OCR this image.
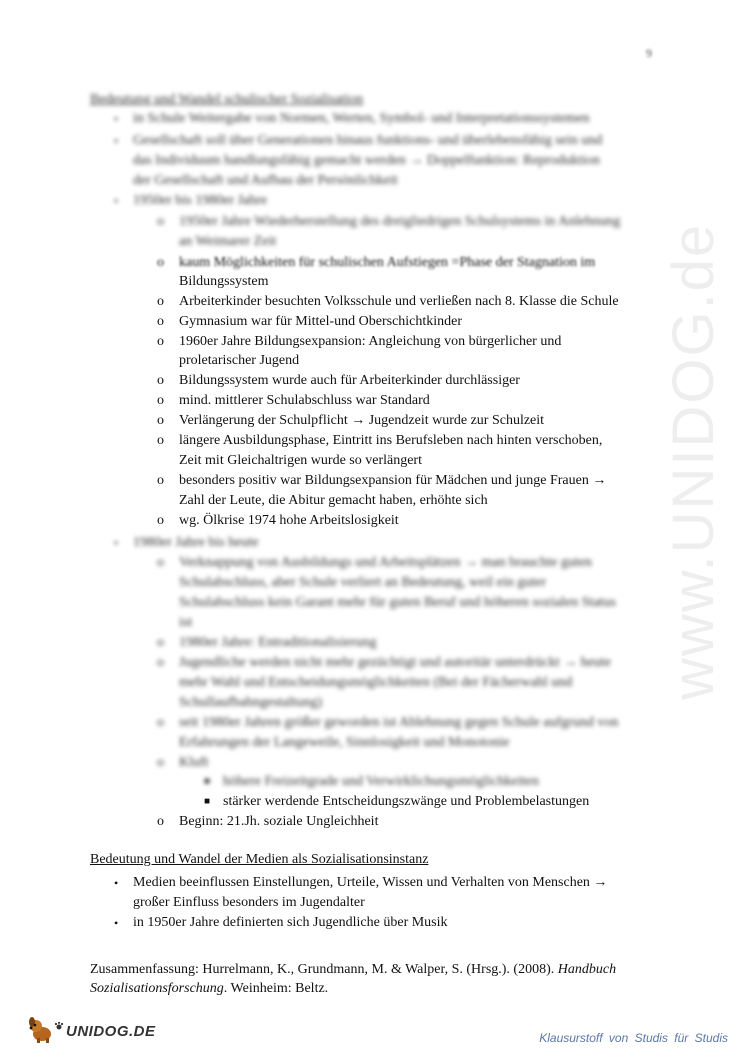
www.UNIDOG.de
9
Bedeutung und Wandel schulischer Sozialisation
• in Schule Weitergabe von Normen, Werten, Symbol- und Interpretationssystemen
• Gesellschaft soll über Generationen hinaus funktions- und überlebensfähig sein und
das Individuum handlungsfähig gemacht werden → Doppelfunktion: Reproduktion
der Gesellschaft und Aufbau der Persönlichkeit
• 1950er bis 1980er Jahre
o 1950er Jahre Wiederherstellung des dreigliedrigen Schulsystems in Anlehnung
an Weimarer Zeit
o kaum Möglichkeiten für schulischen Aufstiegen =Phase der Stagnation im
Bildungssystem
o Arbeiterkinder besuchten Volksschule und verließen nach 8. Klasse die Schule
o Gymnasium war für Mittel-und Oberschichtkinder
o 1960er Jahre Bildungsexpansion: Angleichung von bürgerlicher und
proletarischer Jugend
o Bildungssystem wurde auch für Arbeiterkinder durchlässiger
o mind. mittlerer Schulabschluss war Standard
o Verlängerung der Schulpflicht → Jugendzeit wurde zur Schulzeit
o längere Ausbildungsphase, Eintritt ins Berufsleben nach hinten verschoben,
Zeit mit Gleichaltrigen wurde so verlängert
o besonders positiv war Bildungsexpansion für Mädchen und junge Frauen →
Zahl der Leute, die Abitur gemacht haben, erhöhte sich
o wg. Ölkrise 1974 hohe Arbeitslosigkeit
• 1980er Jahre bis heute
o Verknappung von Ausbildungs und Arbeitsplätzen → man brauchte guten
Schulabschluss, aber Schule verliert an Bedeutung, weil ein guter
Schulabschluss kein Garant mehr für guten Beruf und höheren sozialen Status
ist
o 1980er Jahre: Entraditionalisierung
o Jugendliche werden nicht mehr gezüchtigt und autoritär unterdrückt → heute
mehr Wahl und Entscheidungsmöglichkeiten (Bei der Fächerwahl und
Schullaufbahngestaltung)
o seit 1980er Jahren größer geworden ist Ablehnung gegen Schule aufgrund von
Erfahrungen der Langeweile, Sinnlosigkeit und Monotonie
o Kluft
■ höhere Freizeitgrade und Verwirklichungsmöglichkeiten
■ stärker werdende Entscheidungszwänge und Problembelastungen
o Beginn: 21.Jh. soziale Ungleichheit
Bedeutung und Wandel der Medien als Sozialisationsinstanz
• Medien beeinflussen Einstellungen, Urteile, Wissen und Verhalten von Menschen →
großer Einfluss besonders im Jugendalter
• in 1950er Jahre definierten sich Jugendliche über Musik
Zusammenfassung: Hurrelmann, K., Grundmann, M. & Walper, S. (Hrsg.). (2008). Handbuch
Sozialisationsforschung. Weinheim: Beltz.
UNIDOG.DE	Klausurstoff von Studis für Studis
